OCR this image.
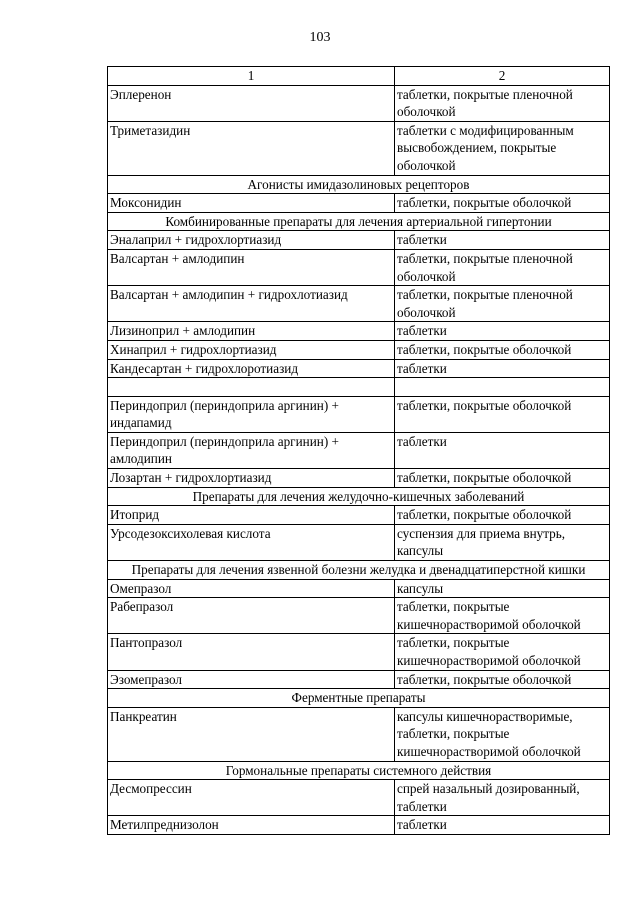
103
1	2
Эплеренон	таблетки, покрытые пленочной оболочкой
Триметазидин	таблетки с модифицированным высвобождением, покрытые оболочкой
Агонисты имидазолиновых рецепторов	
Моксонидин	таблетки, покрытые оболочкой
Комбинированные препараты для лечения артериальной гипертонии	
Эналаприл + гидрохлортиазид	таблетки
Валсартан + амлодипин	таблетки, покрытые пленочной оболочкой
Валсартан + амлодипин + гидрохлотиазид	таблетки, покрытые пленочной оболочкой
Лизиноприл + амлодипин	таблетки
Хинаприл + гидрохлортиазид	таблетки, покрытые оболочкой
Кандесартан + гидрохлоротиазид	таблетки

Периндоприл (периндоприла аргинин) + индапамид	таблетки, покрытые оболочкой
Периндоприл (периндоприла аргинин) + амлодипин	таблетки
Лозартан + гидрохлортиазид	таблетки, покрытые оболочкой
Препараты для лечения желудочно-кишечных заболеваний	
Итоприд	таблетки, покрытые оболочкой
Урсодезоксихолевая кислота	суспензия для приема внутрь, капсулы
Препараты для лечения язвенной болезни желудка и двенадцатиперстной кишки	
Омепразол	капсулы
Рабепразол	таблетки, покрытые кишечнорастворимой оболочкой
Пантопразол	таблетки, покрытые кишечнорастворимой оболочкой
Эзомепразол	таблетки, покрытые оболочкой
Ферментные препараты	
Панкреатин	капсулы кишечнорастворимые, таблетки, покрытые кишечнорастворимой оболочкой
Гормональные препараты системного действия	
Десмопрессин	спрей назальный дозированный, таблетки
Метилпреднизолон	таблетки
